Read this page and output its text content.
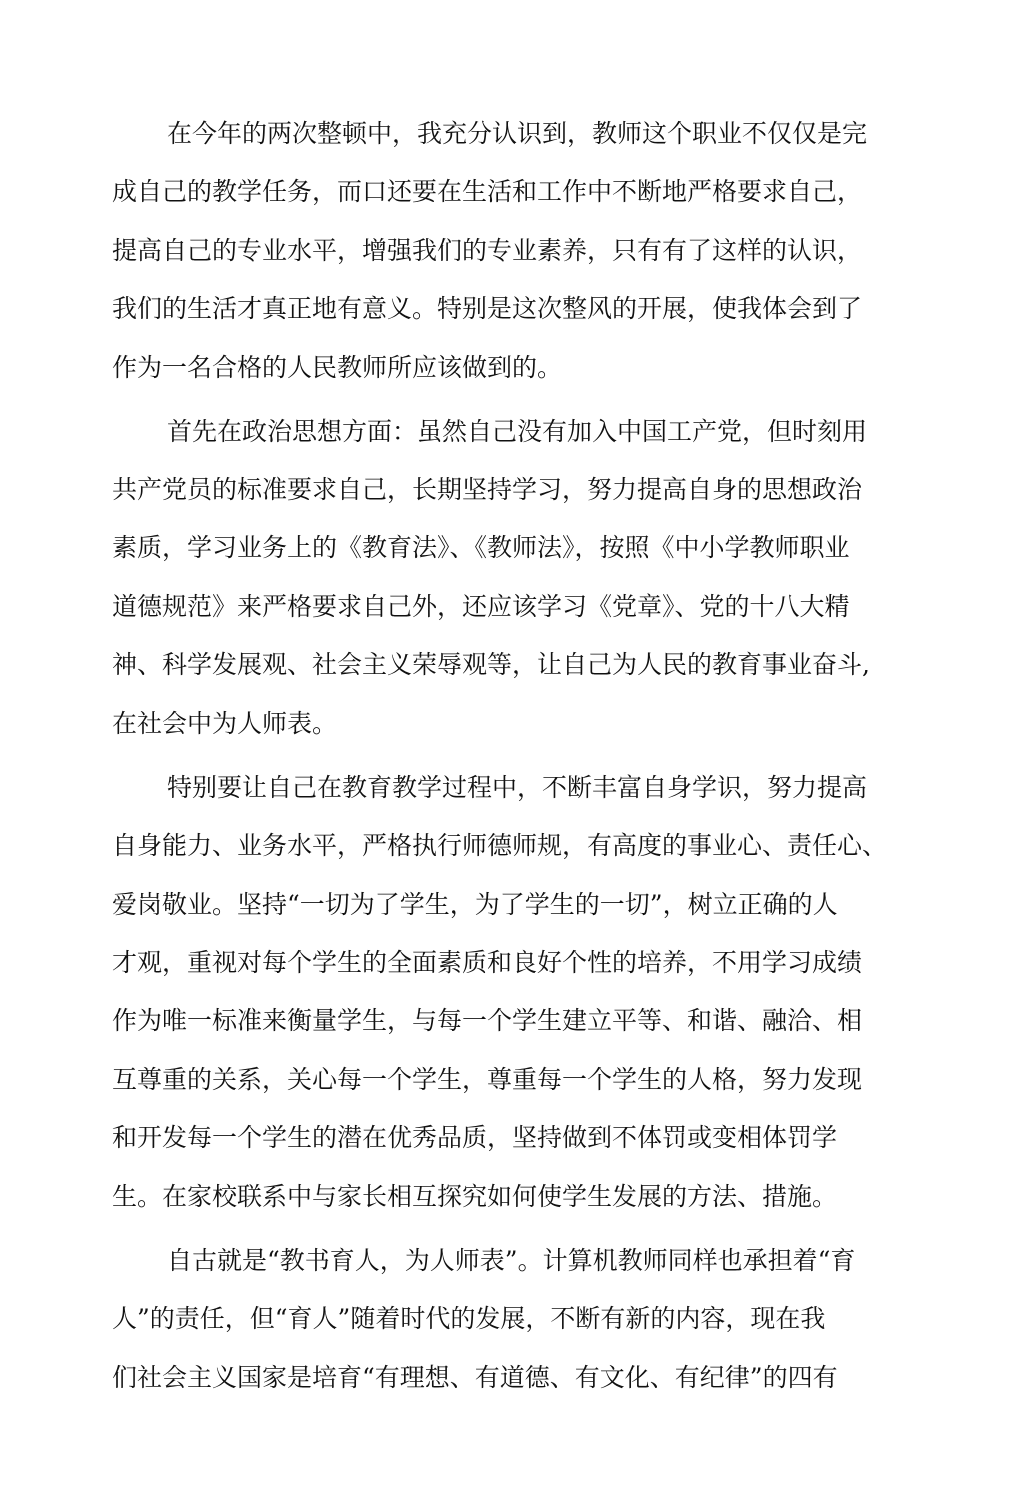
在今年的两次整顿中，我充分认识到，教师这个职业不仅仅是完

成自己的教学任务，而口还要在生活和工作中不断地严格要求自己，

提高自己的专业水平，增强我们的专业素养，只有有了这样的认识，

我们的生活才真正地有意义。特别是这次整风的开展，使我体会到了

作为一名合格的人民教师所应该做到的。

首先在政治思想方面：虽然自己没有加入中国工产党，但时刻用

共产党员的标准要求自己，长期坚持学习，努力提高自身的思想政治

素质，学习业务上的《教育法》、《教师法》，按照《中小学教师职业

道德规范》来严格要求自己外，还应该学习《党章》、党的十八大精

神、科学发展观、社会主义荣辱观等，让自己为人民的教育事业奋斗,

在社会中为人师表。

特别要让自己在教育教学过程中，不断丰富自身学识，努力提高

自身能力、业务水平，严格执行师德师规，有高度的事业心、责任心、

爱岗敬业。坚持“一切为了学生，为了学生的一切”，树立正确的人

才观，重视对每个学生的全面素质和良好个性的培养，不用学习成绩

作为唯一标准来衡量学生，与每一个学生建立平等、和谐、融洽、相

互尊重的关系，关心每一个学生，尊重每一个学生的人格，努力发现

和开发每一个学生的潜在优秀品质，坚持做到不体罚或变相体罚学

生。在家校联系中与家长相互探究如何使学生发展的方法、措施。

自古就是“教书育人，为人师表”。计算机教师同样也承担着“育

人”的责任，但“育人”随着时代的发展，不断有新的内容，现在我

们社会主义国家是培育“有理想、有道德、有文化、有纪律”的四有
